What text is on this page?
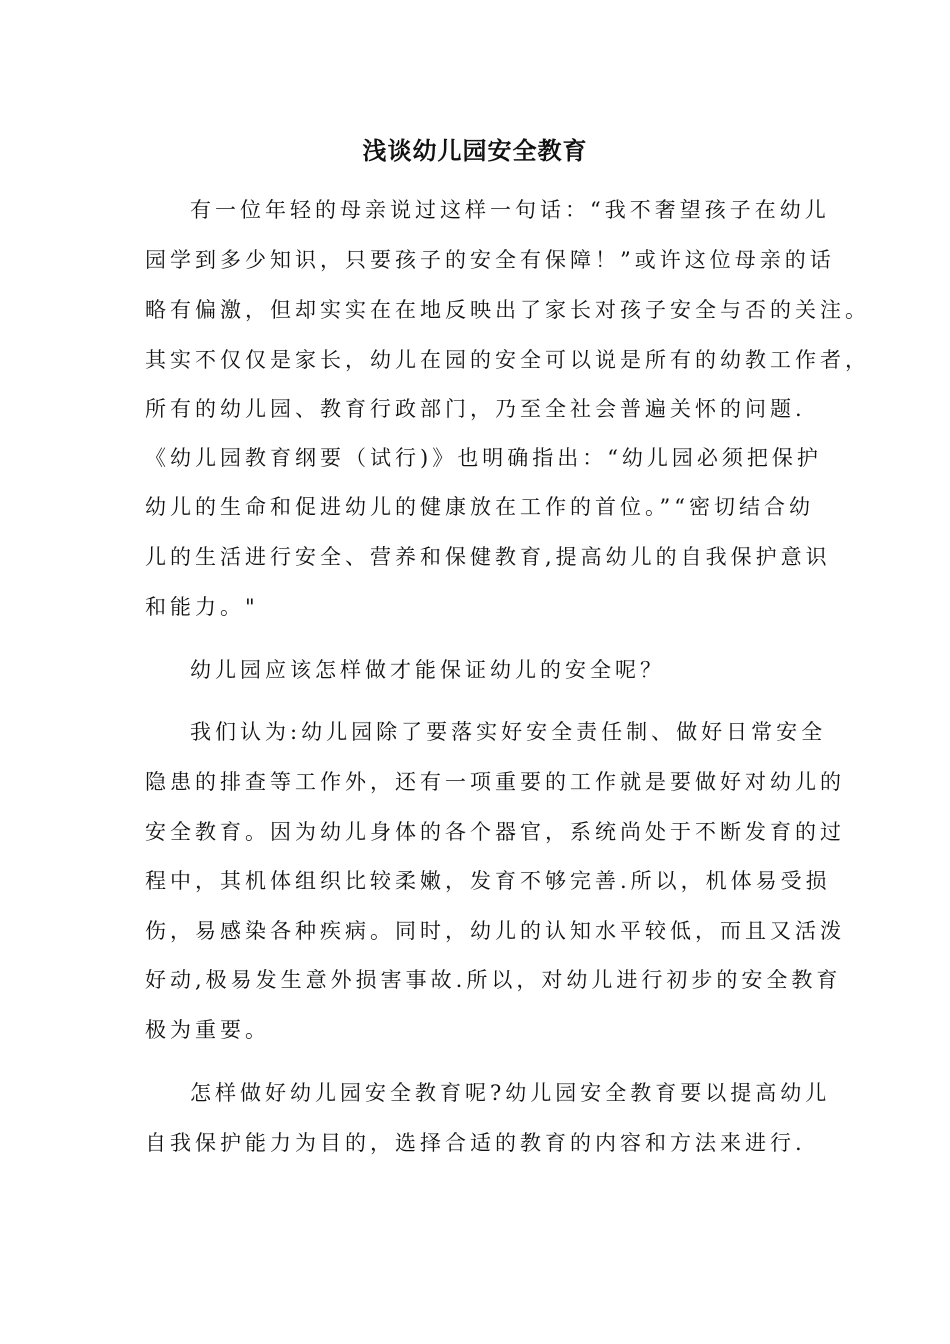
浅谈幼儿园安全教育
有一位年轻的母亲说过这样一句话：“我不奢望孩子在幼儿
园学到多少知识，只要孩子的安全有保障！”或许这位母亲的话
略有偏激，但却实实在在地反映出了家长对孩子安全与否的关注。
其实不仅仅是家长，幼儿在园的安全可以说是所有的幼教工作者，
所有的幼儿园、教育行政部门，乃至全社会普遍关怀的问题.
《幼儿园教育纲要（试行)》也明确指出：“幼儿园必须把保护
幼儿的生命和促进幼儿的健康放在工作的首位。”“密切结合幼
儿的生活进行安全、营养和保健教育,提高幼儿的自我保护意识
和能力。"
幼儿园应该怎样做才能保证幼儿的安全呢？
我们认为:幼儿园除了要落实好安全责任制、做好日常安全
隐患的排查等工作外，还有一项重要的工作就是要做好对幼儿的
安全教育。因为幼儿身体的各个器官，系统尚处于不断发育的过
程中，其机体组织比较柔嫩，发育不够完善.所以，机体易受损
伤，易感染各种疾病。同时，幼儿的认知水平较低，而且又活泼
好动,极易发生意外损害事故.所以，对幼儿进行初步的安全教育
极为重要。
怎样做好幼儿园安全教育呢?幼儿园安全教育要以提高幼儿
自我保护能力为目的，选择合适的教育的内容和方法来进行.
